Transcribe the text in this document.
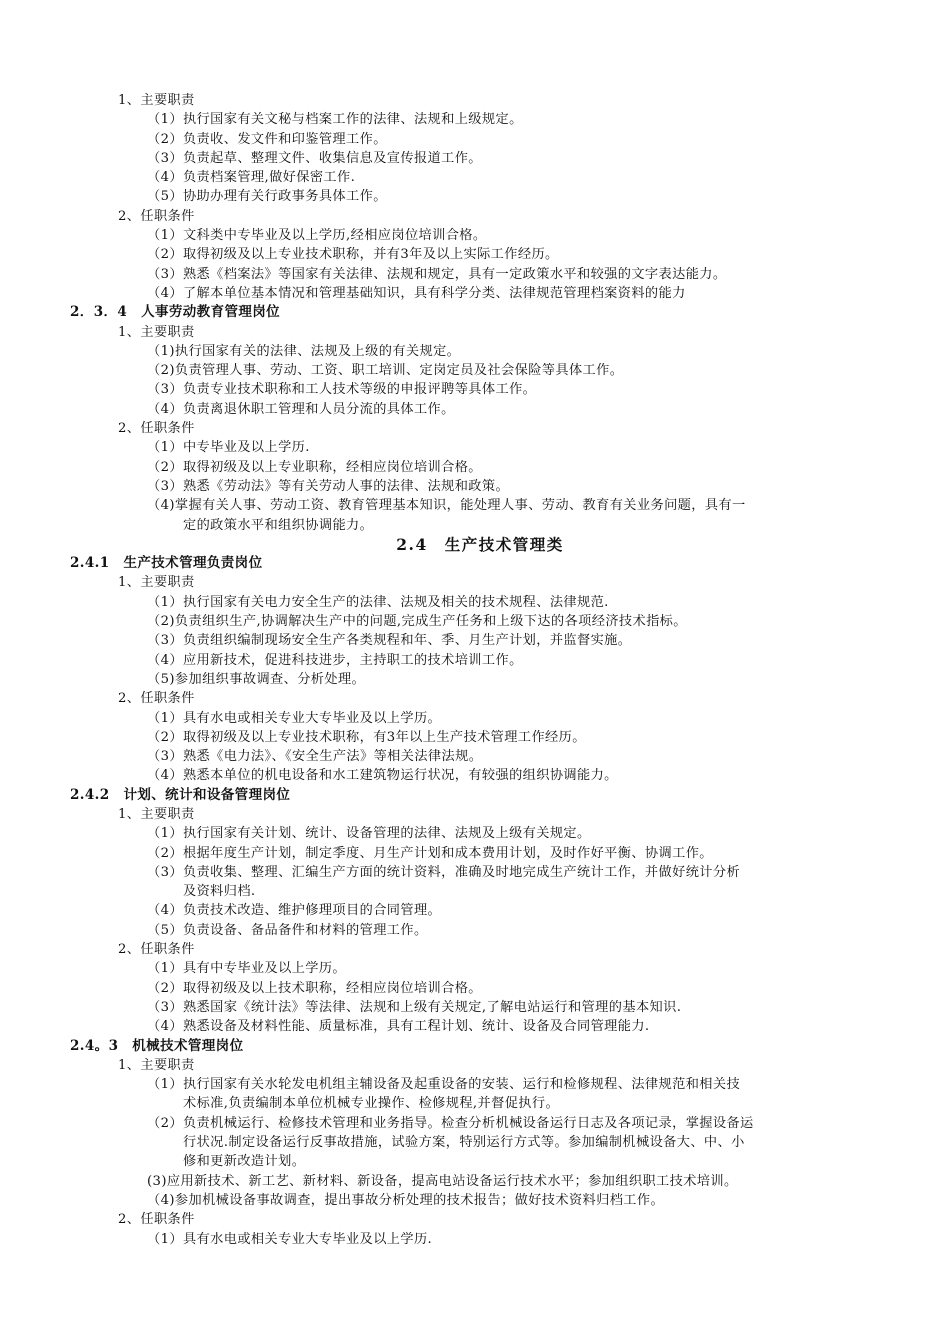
1、主要职责
（1）执行国家有关文秘与档案工作的法律、法规和上级规定。
（2）负责收、发文件和印鉴管理工作。
（3）负责起草、整理文件、收集信息及宣传报道工作。
（4）负责档案管理,做好保密工作.
（5）协助办理有关行政事务具体工作。
2、任职条件
（1）文科类中专毕业及以上学历,经相应岗位培训合格。
（2）取得初级及以上专业技术职称，并有3年及以上实际工作经历。
（3）熟悉《档案法》等国家有关法律、法规和规定，具有一定政策水平和较强的文字表达能力。
（4）了解本单位基本情况和管理基础知识，具有科学分类、法律规范管理档案资料的能力
2．3．4　人事劳动教育管理岗位
1、主要职责
（1)执行国家有关的法律、法规及上级的有关规定。
（2)负责管理人事、劳动、工资、职工培训、定岗定员及社会保险等具体工作。
（3）负责专业技术职称和工人技术等级的申报评聘等具体工作。
（4）负责离退休职工管理和人员分流的具体工作。
2、任职条件
（1）中专毕业及以上学历.
（2）取得初级及以上专业职称，经相应岗位培训合格。
（3）熟悉《劳动法》等有关劳动人事的法律、法规和政策。
（4)掌握有关人事、劳动工资、教育管理基本知识，能处理人事、劳动、教育有关业务问题，具有一
定的政策水平和组织协调能力。
2.4　生产技术管理类
2.4.1　生产技术管理负责岗位
1、主要职责
（1）执行国家有关电力安全生产的法律、法规及相关的技术规程、法律规范.
（2)负责组织生产,协调解决生产中的问题,完成生产任务和上级下达的各项经济技术指标。
（3）负责组织编制现场安全生产各类规程和年、季、月生产计划，并监督实施。
（4）应用新技术，促进科技进步，主持职工的技术培训工作。
（5)参加组织事故调查、分析处理。
2、任职条件
（1）具有水电或相关专业大专毕业及以上学历。
（2）取得初级及以上专业技术职称，有3年以上生产技术管理工作经历。
（3）熟悉《电力法》、《安全生产法》等相关法律法规。
（4）熟悉本单位的机电设备和水工建筑物运行状况，有较强的组织协调能力。
2.4.2　计划、统计和设备管理岗位
1、主要职责
（1）执行国家有关计划、统计、设备管理的法律、法规及上级有关规定。
（2）根据年度生产计划，制定季度、月生产计划和成本费用计划，及时作好平衡、协调工作。
（3）负责收集、整理、汇编生产方面的统计资料，准确及时地完成生产统计工作，并做好统计分析
及资料归档.
（4）负责技术改造、维护修理项目的合同管理。
（5）负责设备、备品备件和材料的管理工作。
2、任职条件
（1）具有中专毕业及以上学历。
（2）取得初级及以上技术职称，经相应岗位培训合格。
（3）熟悉国家《统计法》等法律、法规和上级有关规定,了解电站运行和管理的基本知识.
（4）熟悉设备及材料性能、质量标准，具有工程计划、统计、设备及合同管理能力.
2.4。3　机械技术管理岗位
1、主要职责
（1）执行国家有关水轮发电机组主辅设备及起重设备的安装、运行和检修规程、法律规范和相关技
术标准,负责编制本单位机械专业操作、检修规程,并督促执行。
（2）负责机械运行、检修技术管理和业务指导。检查分析机械设备运行日志及各项记录，掌握设备运
行状况.制定设备运行反事故措施，试验方案，特别运行方式等。参加编制机械设备大、中、小
修和更新改造计划。
(3)应用新技术、新工艺、新材料、新设备，提高电站设备运行技术水平；参加组织职工技术培训。
（4)参加机械设备事故调查，提出事故分析处理的技术报告；做好技术资料归档工作。
2、任职条件
（1）具有水电或相关专业大专毕业及以上学历.
